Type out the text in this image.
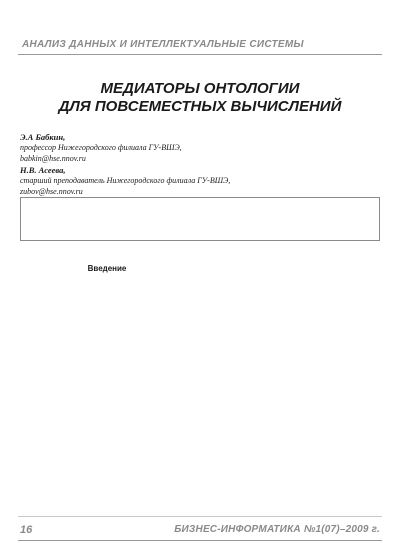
АНАЛИЗ ДАННЫХ И ИНТЕЛЛЕКТУАЛЬНЫЕ СИСТЕМЫ
МЕДИАТОРЫ ОНТОЛОГИИ
ДЛЯ ПОВСЕМЕСТНЫХ ВЫЧИСЛЕНИЙ
Э.А Бабкин,
профессор Нижегородского филиала ГУ-ВШЭ,
babkin@hse.nnov.ru
Н.В. Асеева,
старший преподаватель Нижегородского филиала ГУ-ВШЭ,
zubov@hse.nnov.ru
Введение
16	БИЗНЕС-ИНФОРМАТИКА №1(07)–2009 г.
